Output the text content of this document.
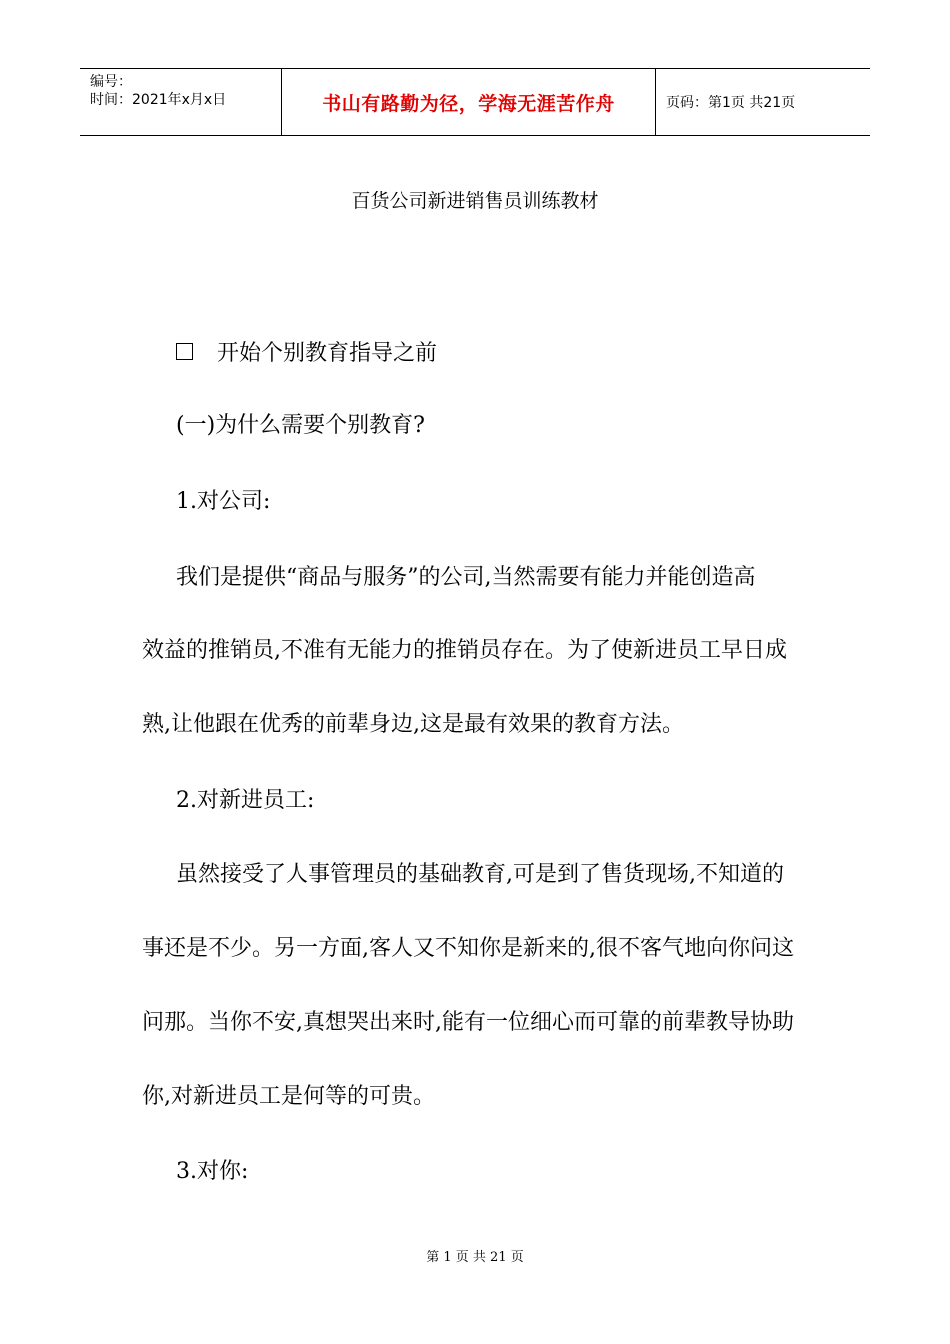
编号：
时间：2021年x月x日	书山有路勤为径，学海无涯苦作舟	页码：第1页 共21页
百货公司新进销售员训练教材
开始个别教育指导之前
(一)为什么需要个别教育?
1.对公司:
我们是提供“商品与服务”的公司,当然需要有能力并能创造高
效益的推销员,不准有无能力的推销员存在。为了使新进员工早日成
熟,让他跟在优秀的前辈身边,这是最有效果的教育方法。
2.对新进员工:
虽然接受了人事管理员的基础教育,可是到了售货现场,不知道的
事还是不少。另一方面,客人又不知你是新来的,很不客气地向你问这
问那。当你不安,真想哭出来时,能有一位细心而可靠的前辈教导协助
你,对新进员工是何等的可贵。
3.对你:
第 1 页 共 21 页
